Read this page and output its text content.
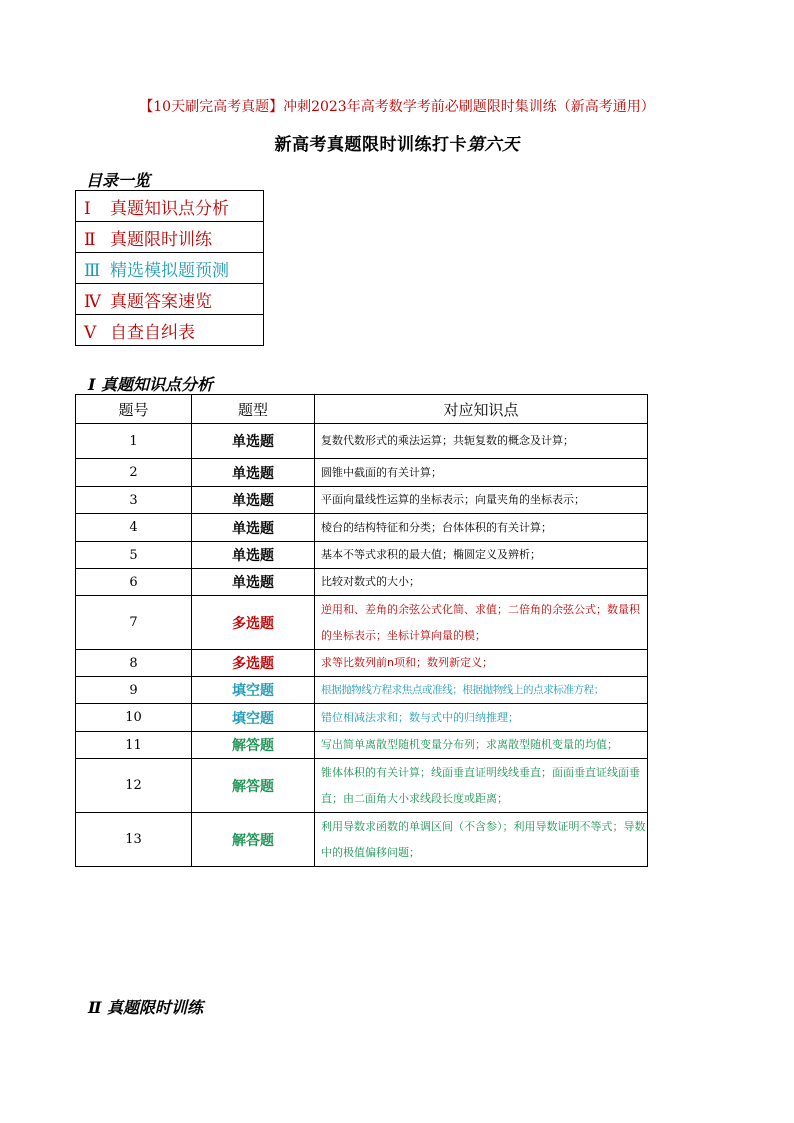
【10天刷完高考真题】冲刺2023年高考数学考前必刷题限时集训练（新高考通用）
新高考真题限时训练打卡第六天
目录一览
Ⅰ 真题知识点分析
Ⅱ 真题限时训练
Ⅲ 精选模拟题预测
Ⅳ 真题答案速览
Ⅴ 自查自纠表
Ⅰ 真题知识点分析
题号	题型	对应知识点
1	单选题	复数代数形式的乘法运算；共轭复数的概念及计算；
2	单选题	圆锥中截面的有关计算；
3	单选题	平面向量线性运算的坐标表示；向量夹角的坐标表示；
4	单选题	棱台的结构特征和分类；台体体积的有关计算；
5	单选题	基本不等式求积的最大值；椭圆定义及辨析；
6	单选题	比较对数式的大小；
7	多选题	逆用和、差角的余弦公式化简、求值；二倍角的余弦公式；数量积的坐标表示；坐标计算向量的模；
8	多选题	求等比数列前n项和；数列新定义；
9	填空题	根据抛物线方程求焦点或准线；根据抛物线上的点求标准方程；
10	填空题	错位相减法求和；数与式中的归纳推理；
11	解答题	写出简单离散型随机变量分布列；求离散型随机变量的均值；
12	解答题	锥体体积的有关计算；线面垂直证明线线垂直；面面垂直证线面垂直；由二面角大小求线段长度或距离；
13	解答题	利用导数求函数的单调区间（不含参）；利用导数证明不等式；导数中的极值偏移问题；
Ⅱ 真题限时训练
